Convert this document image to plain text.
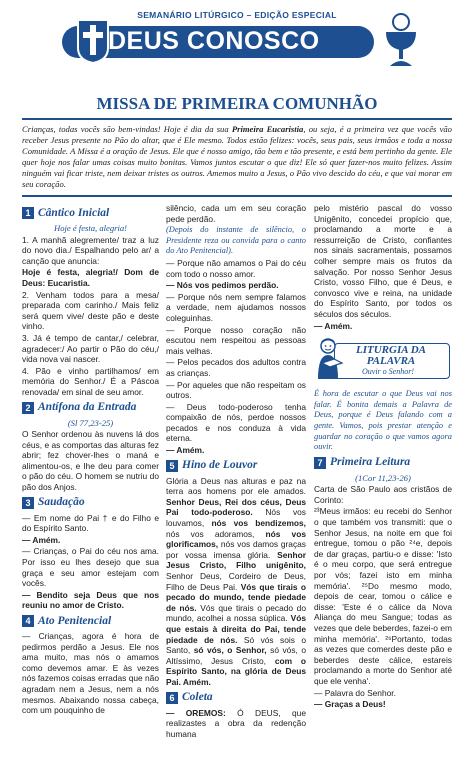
SEMANÁRIO LITÚRGICO – EDIÇÃO ESPECIAL
DEUS CONOSCO
MISSA DE PRIMEIRA COMUNHÃO
Crianças, todas vocês são bem-vindas! Hoje é dia da sua Primeira Eucaristia, ou seja, é a primeira vez que vocês vão receber Jesus presente no Pão do altar, que é Ele mesmo. Todos estão felizes: vocês, seus pais, seus irmãos e toda a nossa Comunidade. A Missa é a oração de Jesus. Ele que é nosso amigo, tão bem e tão presente, e está bem pertinho da gente. Ele quer hoje nos falar umas coisas muito bonitas. Vamos juntos escutar o que diz! Ele só quer fazer-nos muito felizes. Assim ninguém vai ficar triste, nem deixar tristes os outros. Amemos muito a Jesus, o Pão vivo descido do céu, e que vai morar em seu coração.
1 Cântico Inicial

Hoje é festa, alegria!

1. A manhã alegremente/ traz a luz do novo dia./ Espalhando pelo ar/ a canção que anuncia:

Hoje é festa, alegria!/ Dom de Deus: Eucaristia.

2. Venham todos para a mesa/ preparada com carinho./ Mais feliz será quem vive/ deste pão e deste vinho.

3. Já é tempo de cantar,/ celebrar, agradecer:/ Ao partir o Pão do céu,/ vida nova vai nascer.

4. Pão e vinho partilhamos/ em memória do Senhor./ É a Páscoa renovada/ em sinal de seu amor.

2 Antífona da Entrada

(Sl 77,23-25)

O Senhor ordenou às nuvens lá dos céus, e as comportas das alturas fez abrir; fez chover-lhes o maná e alimentou-os, e lhe deu para comer o pão do céu. O homem se nutriu do pão dos Anjos.

3 Saudação

— Em nome do Pai † e do Filho e do Espírito Santo.

— Amém.

— Crianças, o Pai do céu nos ama. Por isso eu lhes desejo que sua graça e seu amor estejam com vocês.

— Bendito seja Deus que nos reuniu no amor de Cristo.

4 Ato Penitencial

— Crianças, agora é hora de pedirmos perdão a Jesus. Ele nos ama muito, mas nós o amamos como devemos amar. E às vezes nós fazemos coisas erradas que não agradam nem a Jesus, nem a nós mesmos. Abaixando nossa cabeça, com um pouquinho de

silêncio, cada um em seu coração pede perdão.

(Depois do instante de silêncio, o Presidente reza ou convida para o canto do Ato Penitencial).

— Porque não amamos o Pai do céu com todo o nosso amor.

— Nós vos pedimos perdão.

— Porque nós nem sempre falamos a verdade, nem ajudamos nossos coleguinhas.

— Porque nosso coração não escutou nem respeitou as pessoas mais velhas.

— Pelos pecados dos adultos contra as crianças.

— Por aqueles que não respeitam os outros.

— Deus todo-poderoso tenha compaixão de nós, perdoe nossos pecados e nos conduza à vida eterna.

— Amém.

5 Hino de Louvor

Glória a Deus nas alturas e paz na terra aos homens por ele amados. Senhor Deus, Rei dos céus, Deus Pai todo-poderoso. Nós vos louvamos, nós vos bendizemos, nós vos adoramos, nós vos glorificamos, nós vos damos graças por vossa imensa glória. Senhor Jesus Cristo, Filho unigênito, Senhor Deus, Cordeiro de Deus, Filho de Deus Pai. Vós que tirais o pecado do mundo, tende piedade de nós. Vós que tirais o pecado do mundo, acolhei a nossa súplica. Vós que estais à direita do Pai, tende piedade de nós. Só vós sois o Santo, só vós, o Senhor, só vós, o Altíssimo, Jesus Cristo, com o Espírito Santo, na glória de Deus Pai. Amém.

6 Coleta

— OREMOS: Ó DEUS, que realizastes a obra da redenção humana

pelo mistério pascal do vosso Unigênito, concedei propício que, proclamando a morte e a ressurreição de Cristo, confiantes nos sinais sacramentais, possamos colher sempre mais os frutos da salvação. Por nosso Senhor Jesus Cristo, vosso Filho, que é Deus, e convosco vive e reina, na unidade do Espírito Santo, por todos os séculos dos séculos.

— Amém.

LITURGIA DA PALAVRA
Ouvir o Senhor!

É hora de escutar o que Deus vai nos falar. É bonita demais a Palavra de Deus, porque é Deus falando com a gente. Vamos, pois prestar atenção e guardar no coração o que vamos agora ouvir.

7 Primeira Leitura

(1Cor 11,23-26)

Carta de São Paulo aos cristãos de Corinto:

²³Meus irmãos: eu recebi do Senhor o que também vos transmiti: que o Senhor Jesus, na noite em que foi entregue, tomou o pão ²⁴e, depois de dar graças, partiu-o e disse: 'Isto é o meu corpo, que será entregue por vós; fazei isto em minha memória'. ²⁵Do mesmo modo, depois de cear, tomou o cálice e disse: 'Este é o cálice da Nova Aliança do meu Sangue; todas as vezes que dele beberdes, fazei-o em minha memória'. ²⁶Portanto, todas as vezes que comerdes deste pão e beberdes deste cálice, estareis proclamando a morte do Senhor até que ele venha'.

— Palavra do Senhor.

— Graças a Deus!
